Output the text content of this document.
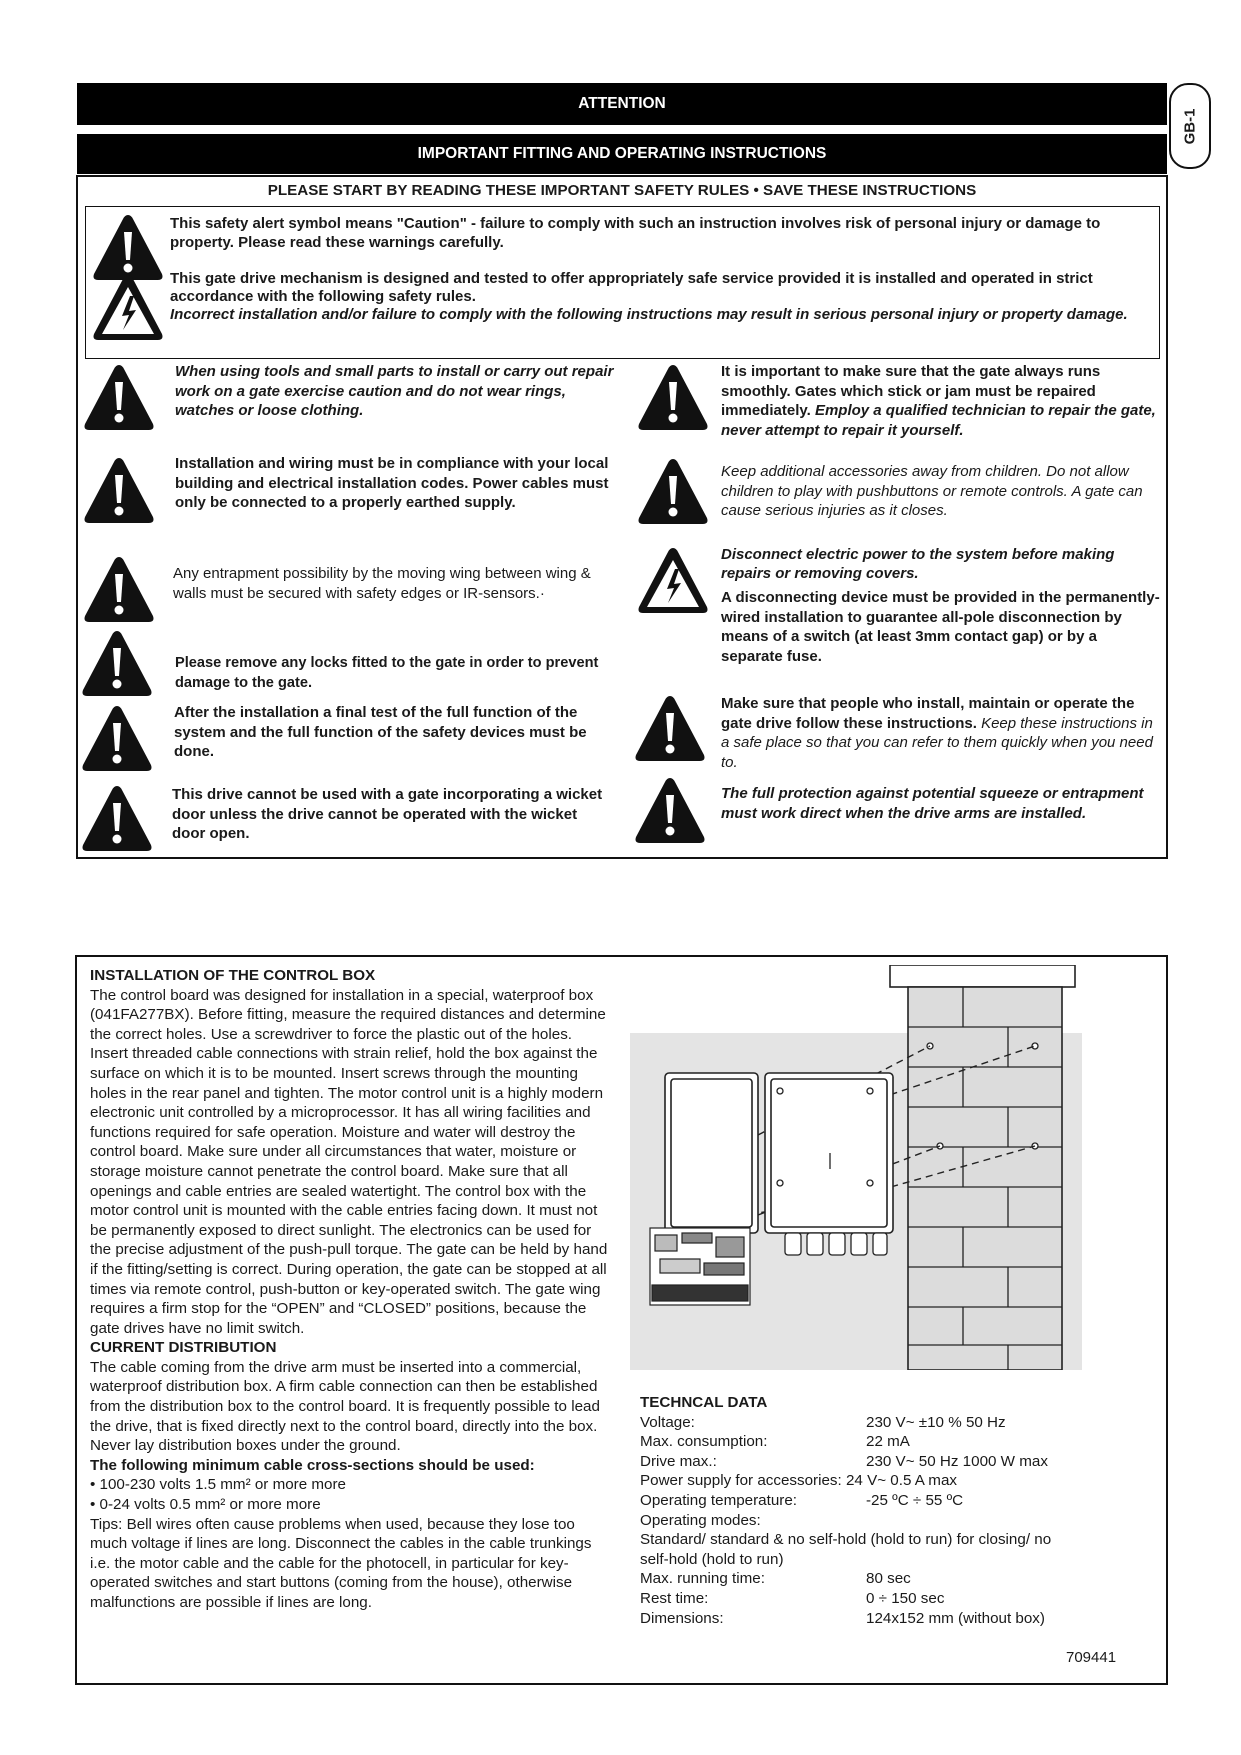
ATTENTION
IMPORTANT FITTING AND OPERATING INSTRUCTIONS
GB-1
PLEASE START BY READING THESE IMPORTANT SAFETY RULES • SAVE THESE INSTRUCTIONS
This safety alert symbol means "Caution" - failure to comply with such an instruction involves risk of personal injury or damage to property. Please read these warnings carefully.
This gate drive mechanism is designed and tested to offer appropriately safe service provided it is installed and operated in strict accordance with the following safety rules.
Incorrect installation and/or failure to comply with the following instructions may result in serious personal injury or property damage.
When using tools and small parts to install or carry out repair work on a gate exercise caution and do not wear rings, watches or loose clothing.
Installation and wiring must be in compliance with your local building and electrical installation codes. Power cables must only be connected to a properly earthed supply.
Any entrapment possibility by the moving wing between wing & walls must be secured with safety edges or IR-sensors.·
Please remove any locks fitted to the gate in order to prevent damage to the gate.
After the installation a final test of the full function of the system and the full function of the safety devices must be done.
This drive cannot be used with a gate incorporating a wicket door unless the drive cannot be operated with the wicket door open.
It is important to make sure that the gate always runs smoothly. Gates which stick or jam must be repaired immediately. Employ a qualified technician to repair the gate, never attempt to repair it yourself.
Keep additional accessories away from children. Do not allow children to play with pushbuttons or remote controls. A gate can cause serious injuries as it closes.
Disconnect electric power to the system before making repairs or removing covers.
A disconnecting device must be provided in the permanently-wired installation to guarantee all-pole disconnection by means of a switch (at least 3mm contact gap) or by a separate fuse.
Make sure that people who install, maintain or operate the gate drive follow these instructions. Keep these instructions in a safe place so that you can refer to them quickly when you need to.
The full protection against potential squeeze or entrapment must work direct when the drive arms are installed.
INSTALLATION OF THE CONTROL BOX
The control board was designed for installation in a special, waterproof box (041FA277BX). Before fitting, measure the required distances and determine the correct holes. Use a screwdriver to force the plastic out of the holes. Insert threaded cable connections with strain relief, hold the box against the surface on which it is to be mounted. Insert screws through the mounting holes in the rear panel and tighten. The motor control unit is a highly modern electronic unit controlled by a microprocessor. It has all wiring facilities and functions required for safe operation. Moisture and water will destroy the control board. Make sure under all circumstances that water, moisture or storage moisture cannot penetrate the control board. Make sure that all openings and cable entries are sealed watertight. The control box with the motor control unit is mounted with the cable entries facing down. It must not be permanently exposed to direct sunlight. The electronics can be used for the precise adjustment of the push-pull torque. The gate can be held by hand if the fitting/setting is correct. During operation, the gate can be stopped at all times via remote control, push-button or key-operated switch. The gate wing requires a firm stop for the “OPEN” and “CLOSED” positions, because the gate drives have no limit switch.
CURRENT DISTRIBUTION
The cable coming from the drive arm must be inserted into a commercial, waterproof distribution box. A firm cable connection can then be established from the distribution box to the control board. It is frequently possible to lead the drive, that is fixed directly next to the control board, directly into the box. Never lay distribution boxes under the ground.
The following minimum cable cross-sections should be used:
• 100-230 volts 1.5 mm² or more more
• 0-24 volts 0.5 mm² or more more
Tips: Bell wires often cause problems when used, because they lose too much voltage if lines are long. Disconnect the cables in the cable trunkings i.e. the motor cable and the cable for the photocell, in particular for key-operated switches and start buttons (coming from the house), otherwise malfunctions are possible if lines are long.
TECHNCAL DATA
Voltage:	230 V~ ±10 % 50 Hz
Max. consumption:	22 mA
Drive max.:	230 V~ 50 Hz 1000 W max
Power supply for accessories: 24 V~ 0.5 A max
Operating temperature:	-25 ºC ÷ 55 ºC
Operating modes:
Standard/ standard & no self-hold (hold to run) for closing/ no self-hold (hold to run)
Max. running time:	80 sec
Rest time:	0 ÷ 150 sec
Dimensions:	124x152 mm (without box)
709441
